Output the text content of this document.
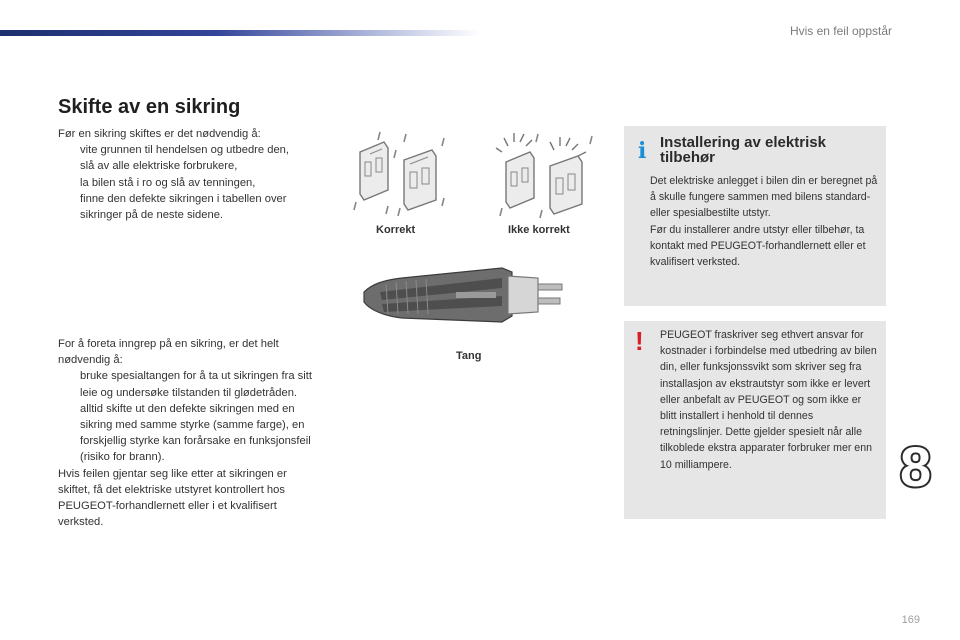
Hvis en feil oppstår
Skifte av en sikring
Før en sikring skiftes er det nødvendig å:
vite grunnen til hendelsen og utbedre den,
slå av alle elektriske forbrukere,
la bilen stå i ro og slå av tenningen,
finne den defekte sikringen i tabellen over sikringer på de neste sidene.
Korrekt	Ikke korrekt
Tang
For å foreta inngrep på en sikring, er det helt nødvendig å:
bruke spesialtangen for å ta ut sikringen fra sitt leie og undersøke tilstanden til glødetråden.
alltid skifte ut den defekte sikringen med en sikring med samme styrke (samme farge), en forskjellig styrke kan forårsake en funksjonsfeil (risiko for brann).
Hvis feilen gjentar seg like etter at sikringen er skiftet, få det elektriske utstyret kontrollert hos PEUGEOT-forhandlernett eller i et kvalifisert verksted.
i Installering av elektrisk tilbehør
Det elektriske anlegget i bilen din er beregnet på å skulle fungere sammen med bilens standard- eller spesialbestilte utstyr.
Før du installerer andre utstyr eller tilbehør, ta kontakt med PEUGEOT-forhandlernett eller et kvalifisert verksted.
! PEUGEOT fraskriver seg ethvert ansvar for kostnader i forbindelse med utbedring av bilen din, eller funksjonssvikt som skriver seg fra installasjon av ekstrautstyr som ikke er levert eller anbefalt av PEUGEOT og som ikke er blitt installert i henhold til dennes retningslinjer. Dette gjelder spesielt når alle tilkoblede ekstra apparater forbruker mer enn 10 milliampere.	8
169
